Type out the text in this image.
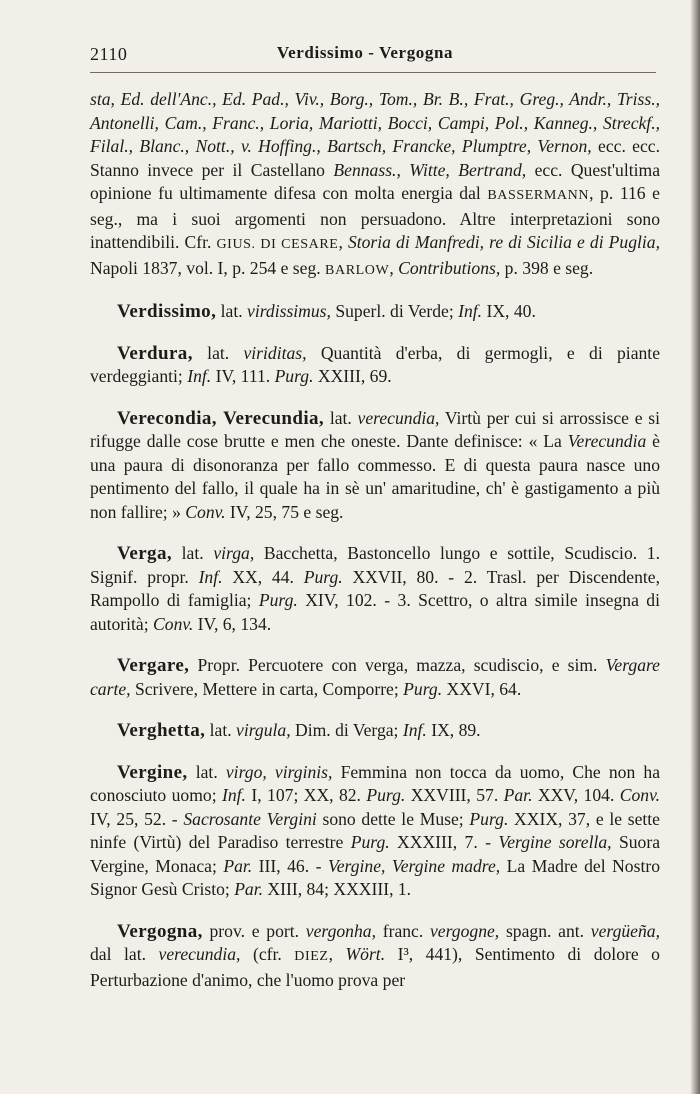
2110	Verdissimo - Vergogna

sta, Ed. dell'Anc., Ed. Pad., Viv., Borg., Tom., Br. B., Frat., Greg., Andr., Triss., Antonelli, Cam., Franc., Loria, Mariotti, Bocci, Campi, Pol., Kanneg., Streckf., Filal., Blanc., Nott., v. Hoffing., Bartsch, Francke, Plumptre, Vernon, ecc. ecc. Stanno invece per il Castellano Bennass., Witte, Bertrand, ecc. Quest'ultima opinione fu ultimamente difesa con molta energia dal BASSERMANN, p. 116 e seg., ma i suoi argomenti non persuadono. Altre interpretazioni sono inattendibili. Cfr. GIUS. DI CESARE, Storia di Manfredi, re di Sicilia e di Puglia, Napoli 1837, vol. I, p. 254 e seg. BARLOW, Contributions, p. 398 e seg.

Verdissimo, lat. virdissimus, Superl. di Verde; Inf. IX, 40.

Verdura, lat. viriditas, Quantità d'erba, di germogli, e di piante verdeggianti; Inf. IV, 111. Purg. XXIII, 69.

Verecondia, Verecundia, lat. verecundia, Virtù per cui si arrossisce e si rifugge dalle cose brutte e men che oneste. Dante definisce: « La Verecundia è una paura di disonoranza per fallo commesso. E di questa paura nasce uno pentimento del fallo, il quale ha in sè un' amaritudine, ch' è gastigamento a più non fallire; » Conv. IV, 25, 75 e seg.

Verga, lat. virga, Bacchetta, Bastoncello lungo e sottile, Scudiscio. 1. Signif. propr. Inf. XX, 44. Purg. XXVII, 80. - 2. Trasl. per Discendente, Rampollo di famiglia; Purg. XIV, 102. - 3. Scettro, o altra simile insegna di autorità; Conv. IV, 6, 134.

Vergare, Propr. Percuotere con verga, mazza, scudiscio, e sim. Vergare carte, Scrivere, Mettere in carta, Comporre; Purg. XXVI, 64.

Verghetta, lat. virgula, Dim. di Verga; Inf. IX, 89.

Vergine, lat. virgo, virginis, Femmina non tocca da uomo, Che non ha conosciuto uomo; Inf. I, 107; XX, 82. Purg. XXVIII, 57. Par. XXV, 104. Conv. IV, 25, 52. - Sacrosante Vergini sono dette le Muse; Purg. XXIX, 37, e le sette ninfe (Virtù) del Paradiso terrestre Purg. XXXIII, 7. - Vergine sorella, Suora Vergine, Monaca; Par. III, 46. - Vergine, Vergine madre, La Madre del Nostro Signor Gesù Cristo; Par. XIII, 84; XXXIII, 1.

Vergogna, prov. e port. vergonha, franc. vergogne, spagn. ant. vergüeña, dal lat. verecundia, (cfr. DIEZ, Wört. I³, 441), Sentimento di dolore o Perturbazione d'animo, che l'uomo prova per
